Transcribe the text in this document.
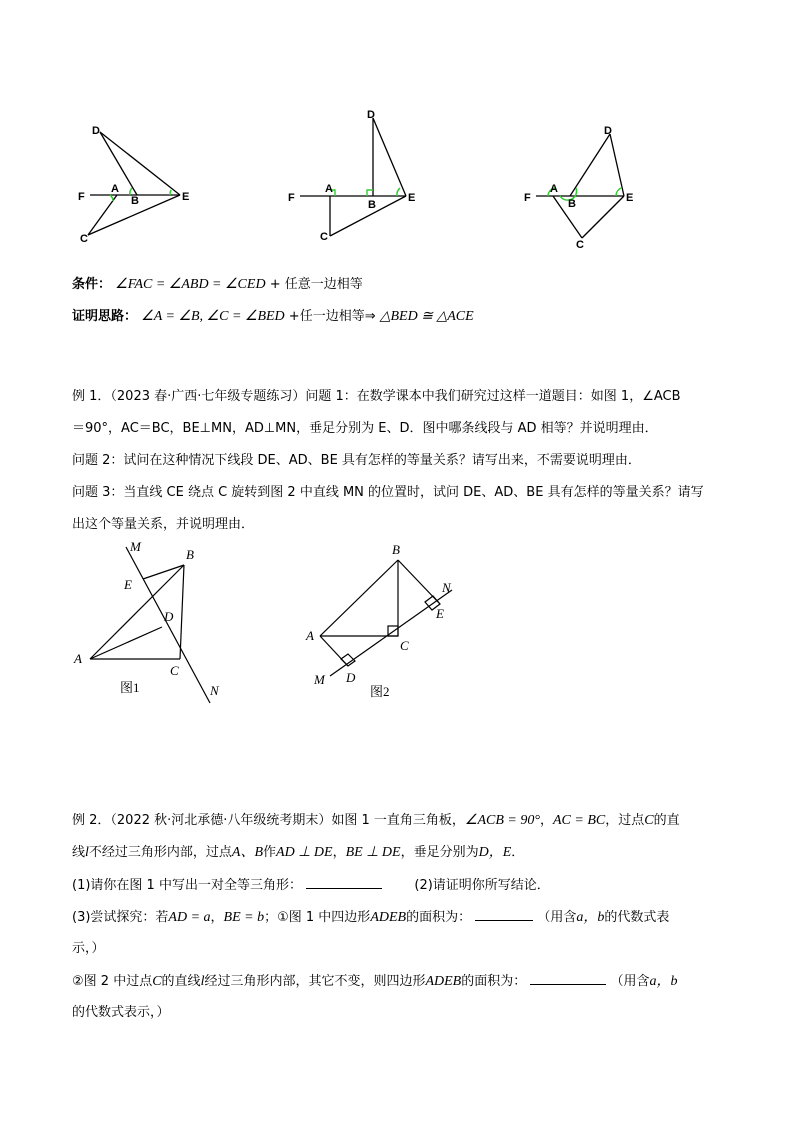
D
F
A
B	E
C
D
F
A
B
E
C
D
F
A
B	E
C
条件： ∠FAC = ∠ABD = ∠CED + 任意一边相等
证明思路： ∠A = ∠B, ∠C = ∠BED +任一边相等⇒ △BED ≅ △ACE
例 1．（2023 春·广西·七年级专题练习）问题 1：在数学课本中我们研究过这样一道题目：如图 1，∠ACB
＝90°，AC＝BC，BE⊥MN，AD⊥MN，垂足分别为 E、D．图中哪条线段与 AD 相等？并说明理由．
问题 2：试问在这种情况下线段 DE、AD、BE 具有怎样的等量关系？请写出来，不需要说明理由．
问题 3：当直线 CE 绕点 C 旋转到图 2 中直线 MN 的位置时，试问 DE、AD、BE 具有怎样的等量关系？请写
出这个等量关系，并说明理由．
M
B
E
D
A
C
N
图1
B
N
E
A
C
M D
图2
例 2．（2022 秋·河北承德·八年级统考期末）如图 1 一直角三角板，∠ACB = 90°，AC = BC，过点C的直
线l不经过三角形内部，过点A、B作AD ⊥ DE，BE ⊥ DE，垂足分别为D，E．
(1)请你在图 1 中写出一对全等三角形：	(2)请证明你所写结论．
(3)尝试探究：若AD = a，BE = b；①图 1 中四边形ADEB的面积为：	（用含a，b的代数式表
示，）
②图 2 中过点C的直线l经过三角形内部，其它不变，则四边形ADEB的面积为：	（用含a，b
的代数式表示，）
